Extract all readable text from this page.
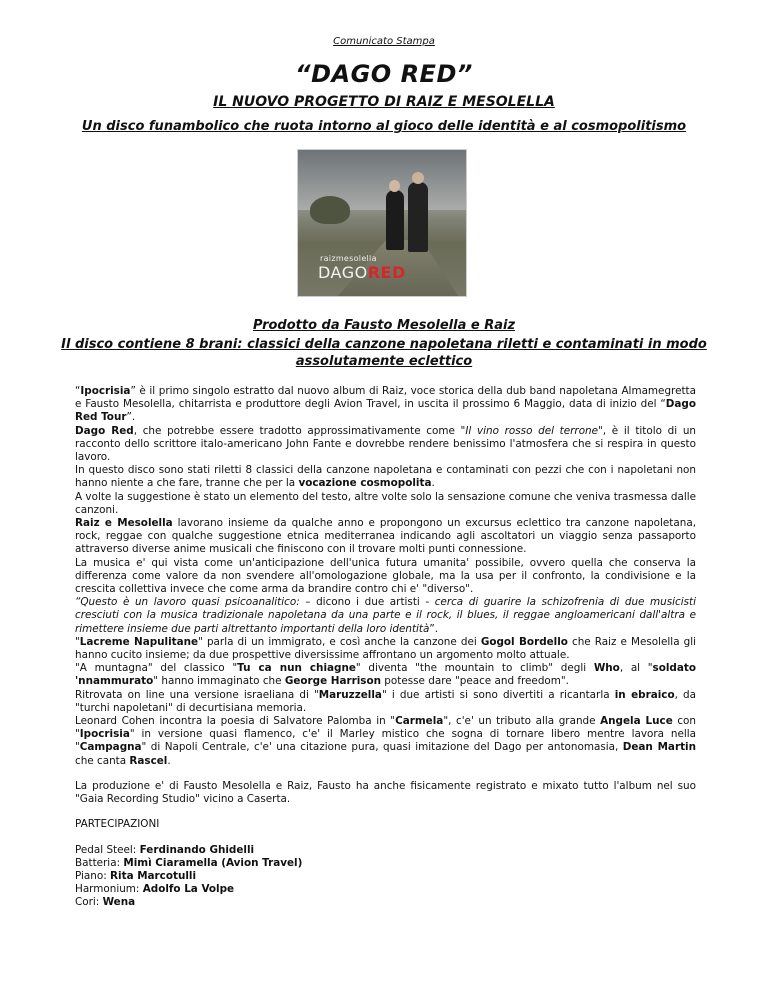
Comunicato Stampa
“DAGO RED”
IL NUOVO PROGETTO DI RAIZ E MESOLELLA
Un disco funambolico che ruota intorno al gioco delle identità e al cosmopolitismo
raizmesolella
DAGORED
Prodotto da Fausto Mesolella e Raiz
Il disco contiene 8 brani: classici della canzone napoletana riletti e contaminati in modo assolutamente eclettico

“Ipocrisia” è il primo singolo estratto dal nuovo album di Raiz, voce storica della dub band napoletana Almamegretta e Fausto Mesolella, chitarrista e produttore degli Avion Travel, in uscita il prossimo 6 Maggio, data di inizio del “Dago Red Tour”.

Dago Red, che potrebbe essere tradotto approssimativamente come "Il vino rosso del terrone", è il titolo di un racconto dello scrittore italo-americano John Fante e dovrebbe rendere benissimo l'atmosfera che si respira in questo lavoro.

In questo disco sono stati riletti 8 classici della canzone napoletana e contaminati con pezzi che con i napoletani non hanno niente a che fare, tranne che per la vocazione cosmopolita.

A volte la suggestione è stato un elemento del testo, altre volte solo la sensazione comune che veniva trasmessa dalle canzoni.

Raiz e Mesolella lavorano insieme da qualche anno e propongono un excursus eclettico tra canzone napoletana, rock, reggae con qualche suggestione etnica mediterranea indicando agli ascoltatori un viaggio senza passaporto attraverso diverse anime musicali che finiscono con il trovare molti punti connessione.

La musica e' qui vista come un'anticipazione dell'unica futura umanita' possibile, ovvero quella che conserva la differenza come valore da non svendere all'omologazione globale, ma la usa per il confronto, la condivisione e la crescita collettiva invece che come arma da brandire contro chi e' "diverso".

“Questo è un lavoro quasi psicoanalitico: – dicono i due artisti - cerca di guarire la schizofrenia di due musicisti cresciuti con la musica tradizionale napoletana da una parte e il rock, il blues, il reggae angloamericani dall'altra e rimettere insieme due parti altrettanto importanti della loro identità”.

"Lacreme Napulitane" parla di un immigrato, e così anche la canzone dei Gogol Bordello che Raiz e Mesolella gli hanno cucito insieme; da due prospettive diversissime affrontano un argomento molto attuale.

"A muntagna" del classico "Tu ca nun chiagne" diventa "the mountain to climb" degli Who, al "soldato 'nnammurato" hanno immaginato che George Harrison potesse dare "peace and freedom".

Ritrovata on line una versione israeliana di "Maruzzella" i due artisti si sono divertiti a ricantarla in ebraico, da "turchi napoletani" di decurtisiana memoria.

Leonard Cohen incontra la poesia di Salvatore Palomba in "Carmela", c'e' un tributo alla grande Angela Luce con "Ipocrisia" in versione quasi flamenco, c'e' il Marley mistico che sogna di tornare libero mentre lavora nella "Campagna" di Napoli Centrale, c'e' una citazione pura, quasi imitazione del Dago per antonomasia, Dean Martin che canta Rascel.

La produzione e' di Fausto Mesolella e Raiz, Fausto ha anche fisicamente registrato e mixato tutto l'album nel suo "Gaia Recording Studio" vicino a Caserta.

PARTECIPAZIONI

Pedal Steel: Ferdinando Ghidelli

Batteria: Mimì Ciaramella (Avion Travel)

Piano: Rita Marcotulli

Harmonium: Adolfo La Volpe

Cori: Wena
